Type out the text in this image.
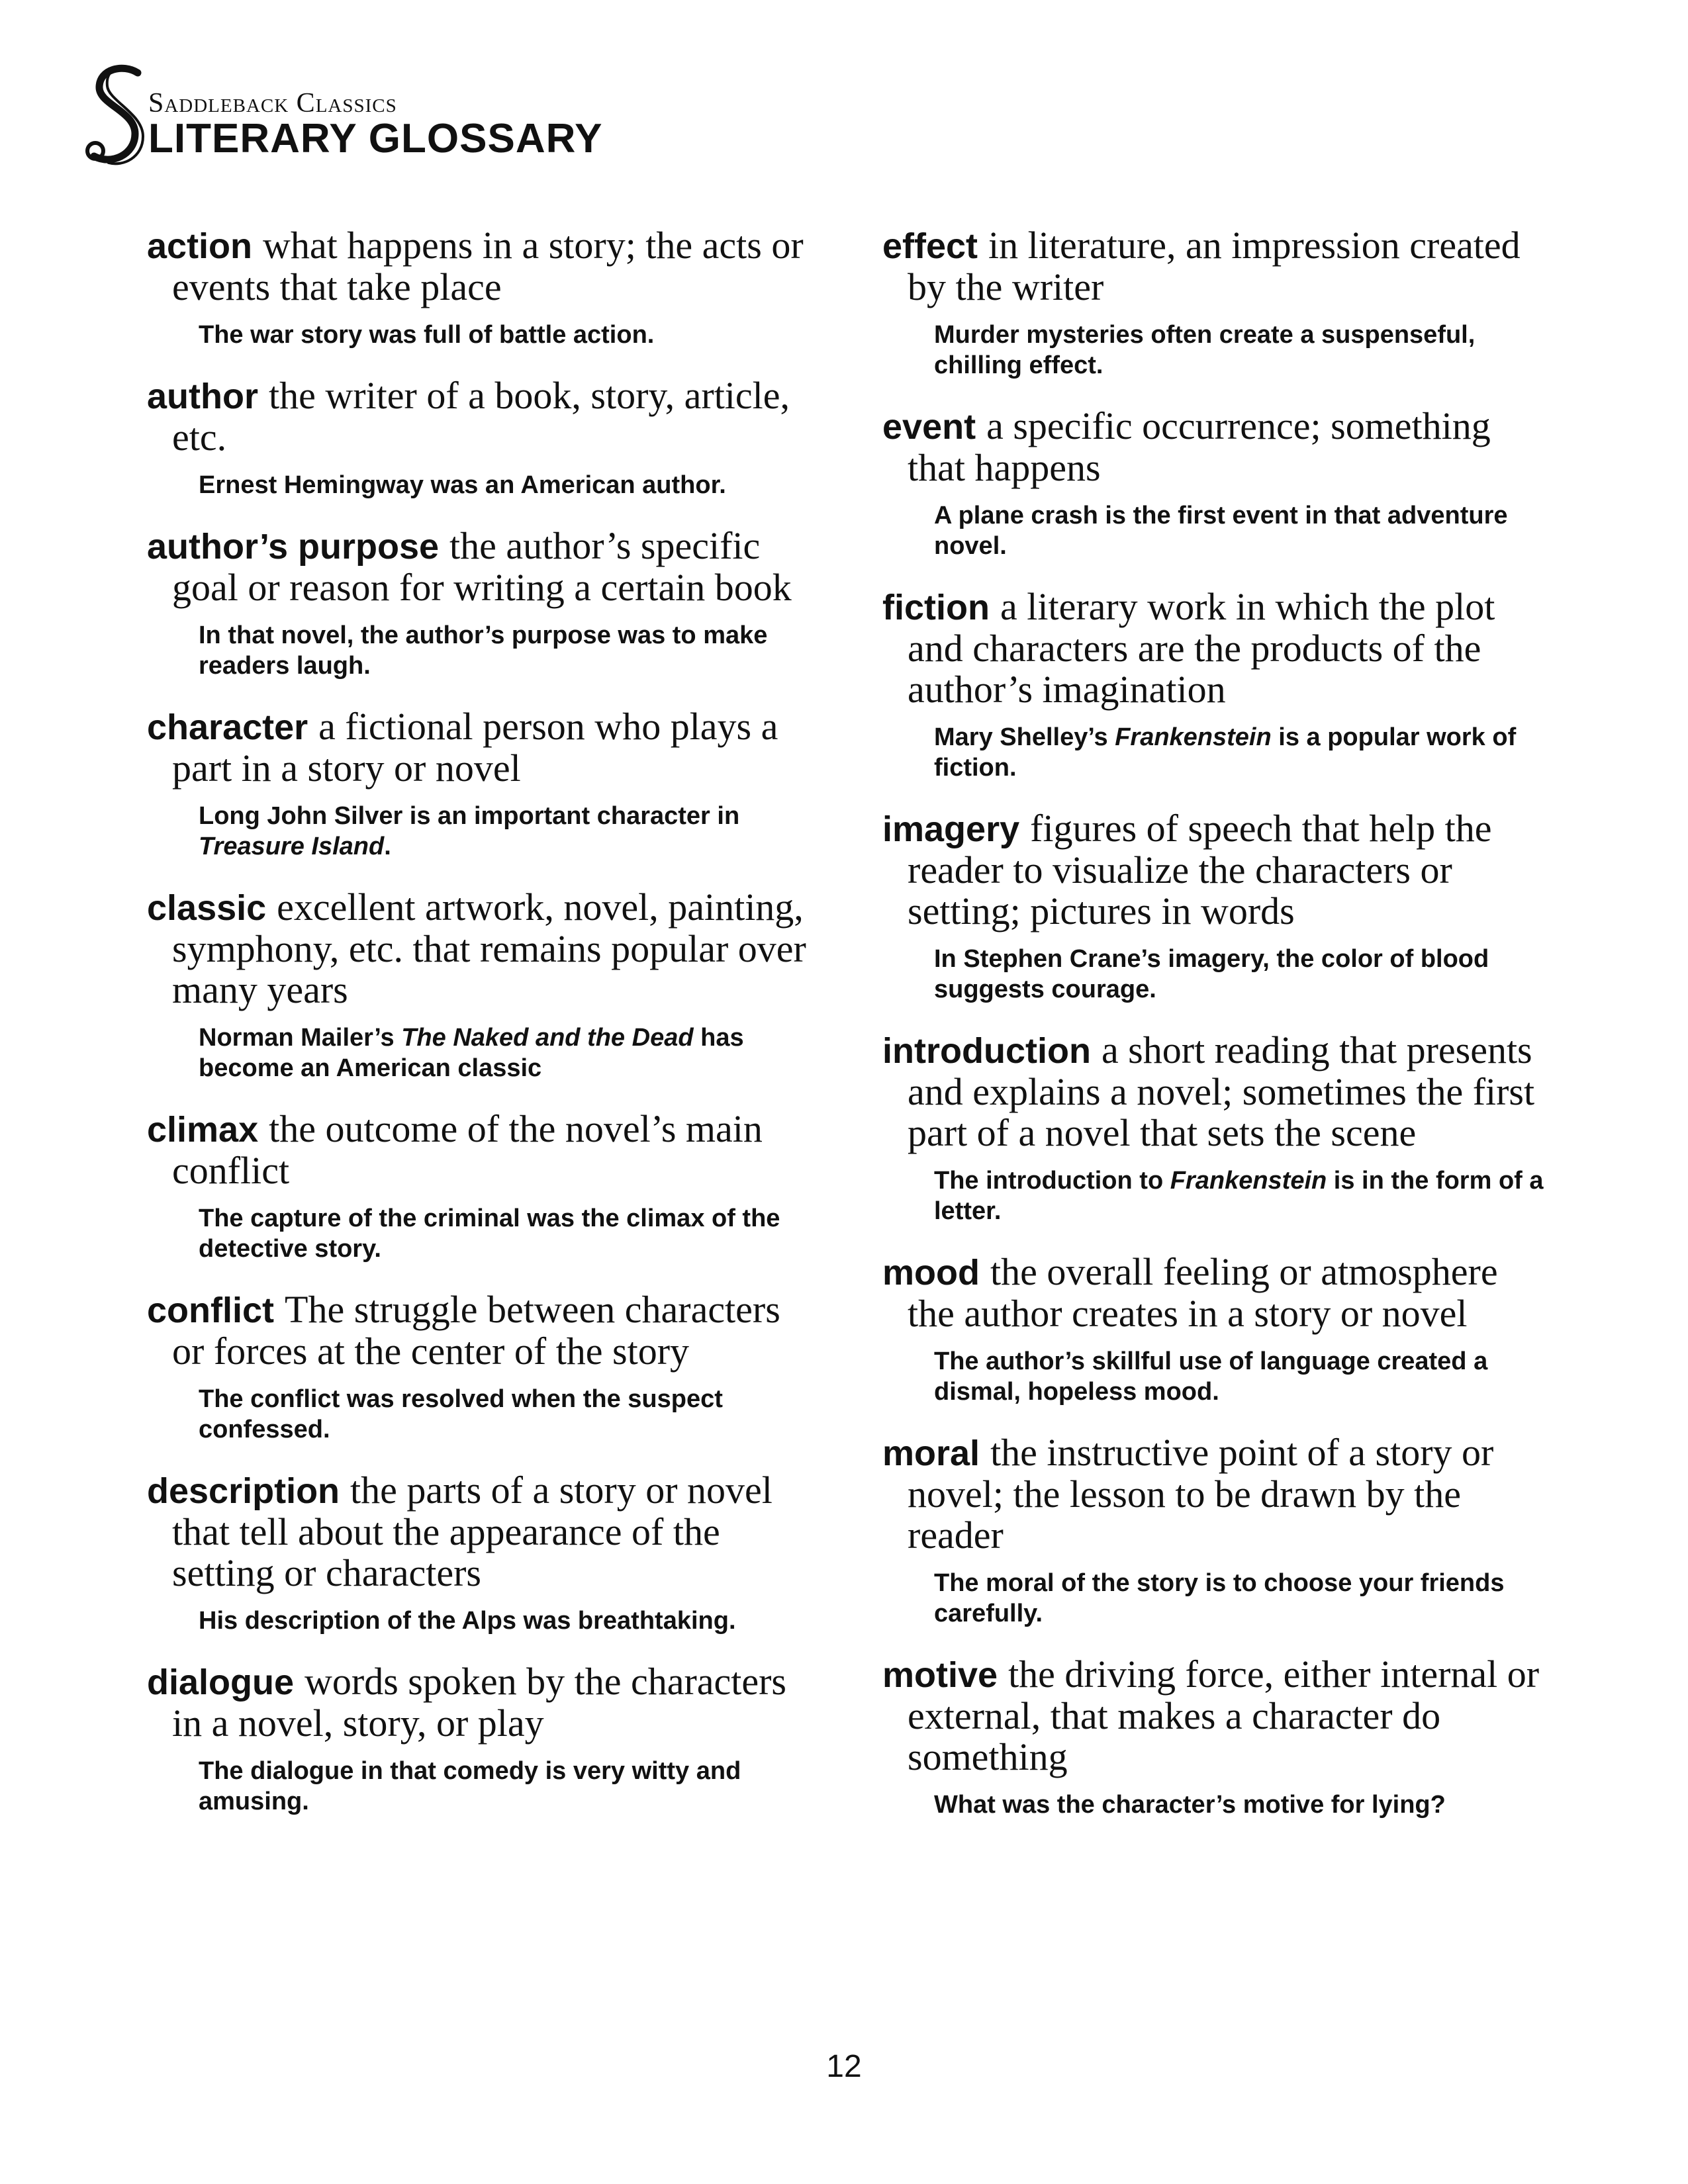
Saddleback Classics
LITERARY GLOSSARY
action what happens in a story; the acts or events that take place
The war story was full of battle action.
author the writer of a book, story, article, etc.
Ernest Hemingway was an American author.
author’s purpose the author’s specific goal or reason for writing a certain book
In that novel, the author’s purpose was to make readers laugh.
character a fictional person who plays a part in a story or novel
Long John Silver is an important character in Treasure Island.
classic excellent artwork, novel, painting, symphony, etc. that remains popular over many years
Norman Mailer’s The Naked and the Dead has become an American classic
climax the outcome of the novel’s main conflict
The capture of the criminal was the climax of the detective story.
conflict The struggle between characters or forces at the center of the story
The conflict was resolved when the suspect confessed.
description the parts of a story or novel that tell about the appearance of the setting or characters
His description of the Alps was breathtaking.
dialogue words spoken by the characters in a novel, story, or play
The dialogue in that comedy is very witty and amusing.
effect in literature, an impression created by the writer
Murder mysteries often create a suspenseful, chilling effect.
event a specific occurrence; something that happens
A plane crash is the first event in that adventure novel.
fiction a literary work in which the plot and characters are the products of the author’s imagination
Mary Shelley’s Frankenstein is a popular work of fiction.
imagery figures of speech that help the reader to visualize the characters or setting; pictures in words
In Stephen Crane’s imagery, the color of blood suggests courage.
introduction a short reading that presents and explains a novel; sometimes the first part of a novel that sets the scene
The introduction to Frankenstein is in the form of a letter.
mood the overall feeling or atmosphere the author creates in a story or novel
The author’s skillful use of language created a dismal, hopeless mood.
moral the instructive point of a story or novel; the lesson to be drawn by the reader
The moral of the story is to choose your friends carefully.
motive the driving force, either internal or external, that makes a character do something
What was the character’s motive for lying?
12
